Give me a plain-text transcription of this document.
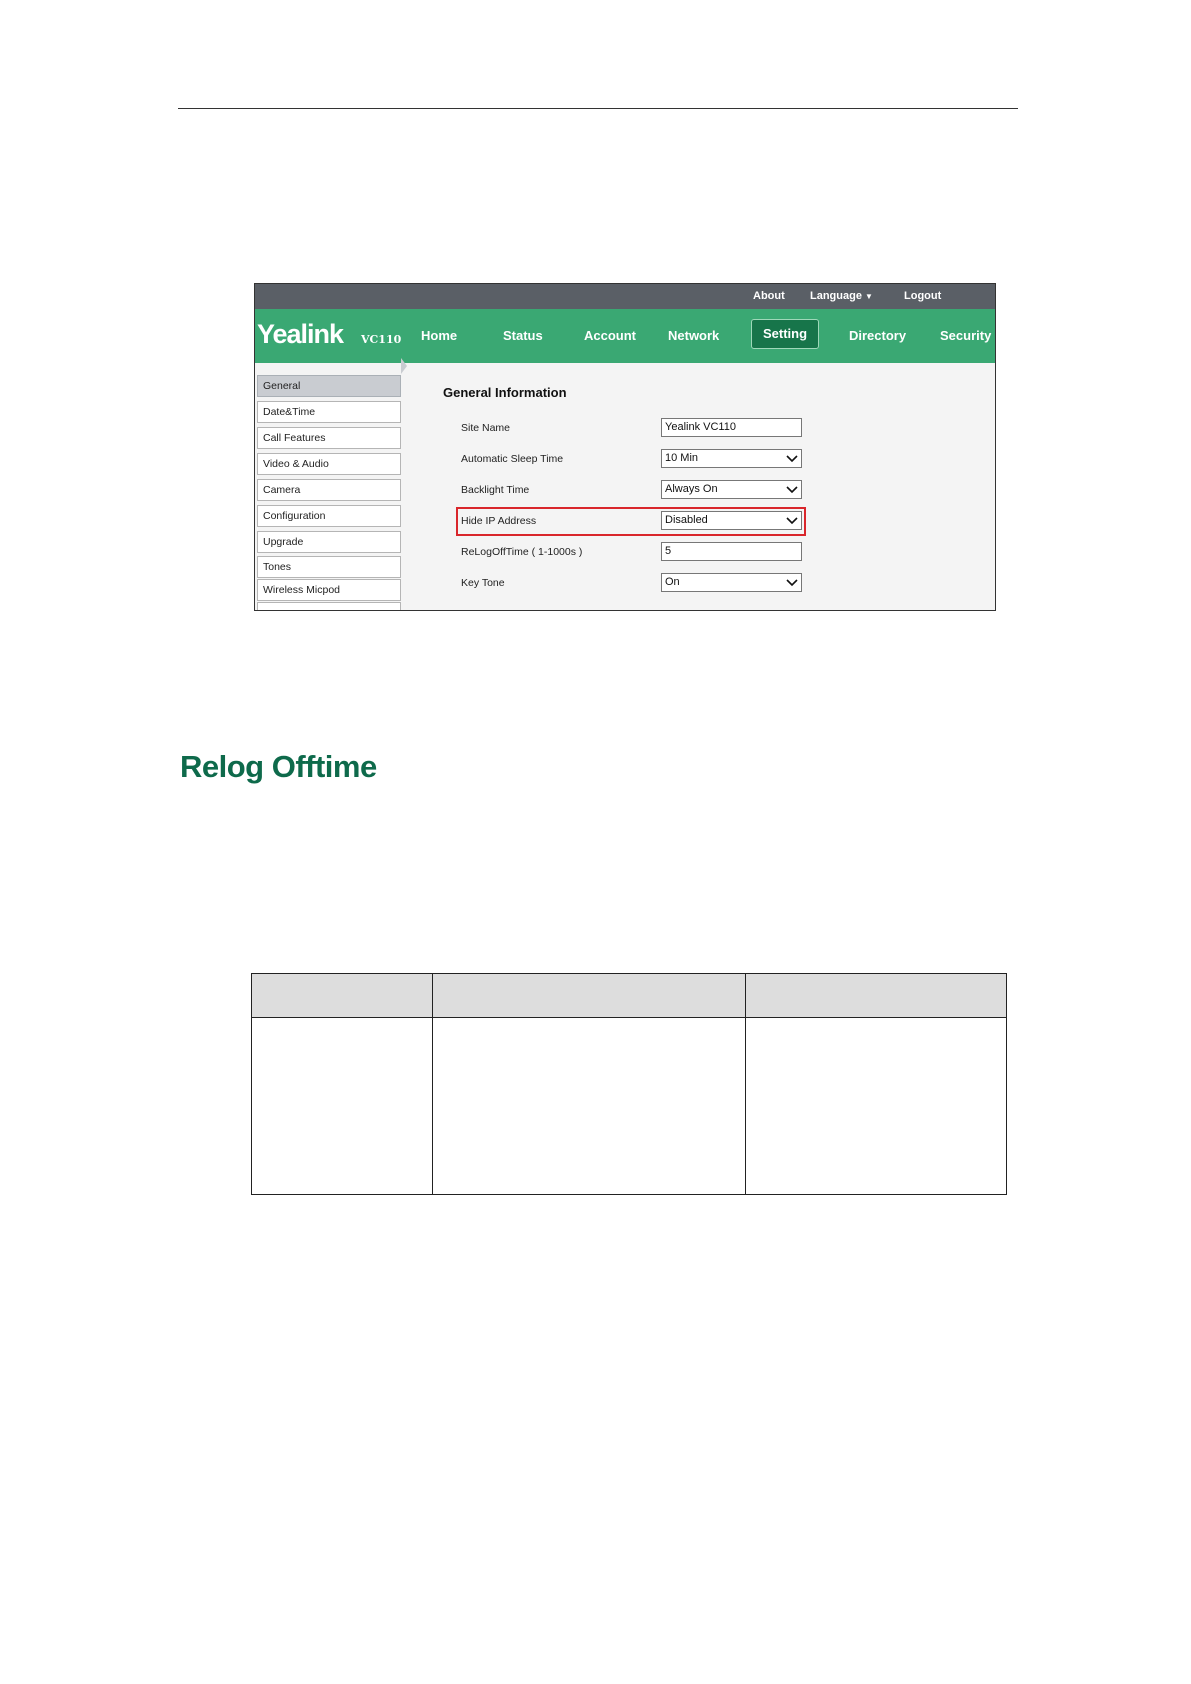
About Language ▼	Logout
Yealink VC110 Home	Status	Account Network	Setting	Directory	Security
General
Date&Time
Call Features
Video & Audio
Camera
Configuration
Upgrade
Tones
Wireless Micpod
General Information
Site Name	Yealink VC110
Automatic Sleep Time	10 Min
Backlight Time	Always On
Hide IP Address	Disabled
ReLogOffTime ( 1-1000s )	5
Key Tone	On
Relog Offtime
